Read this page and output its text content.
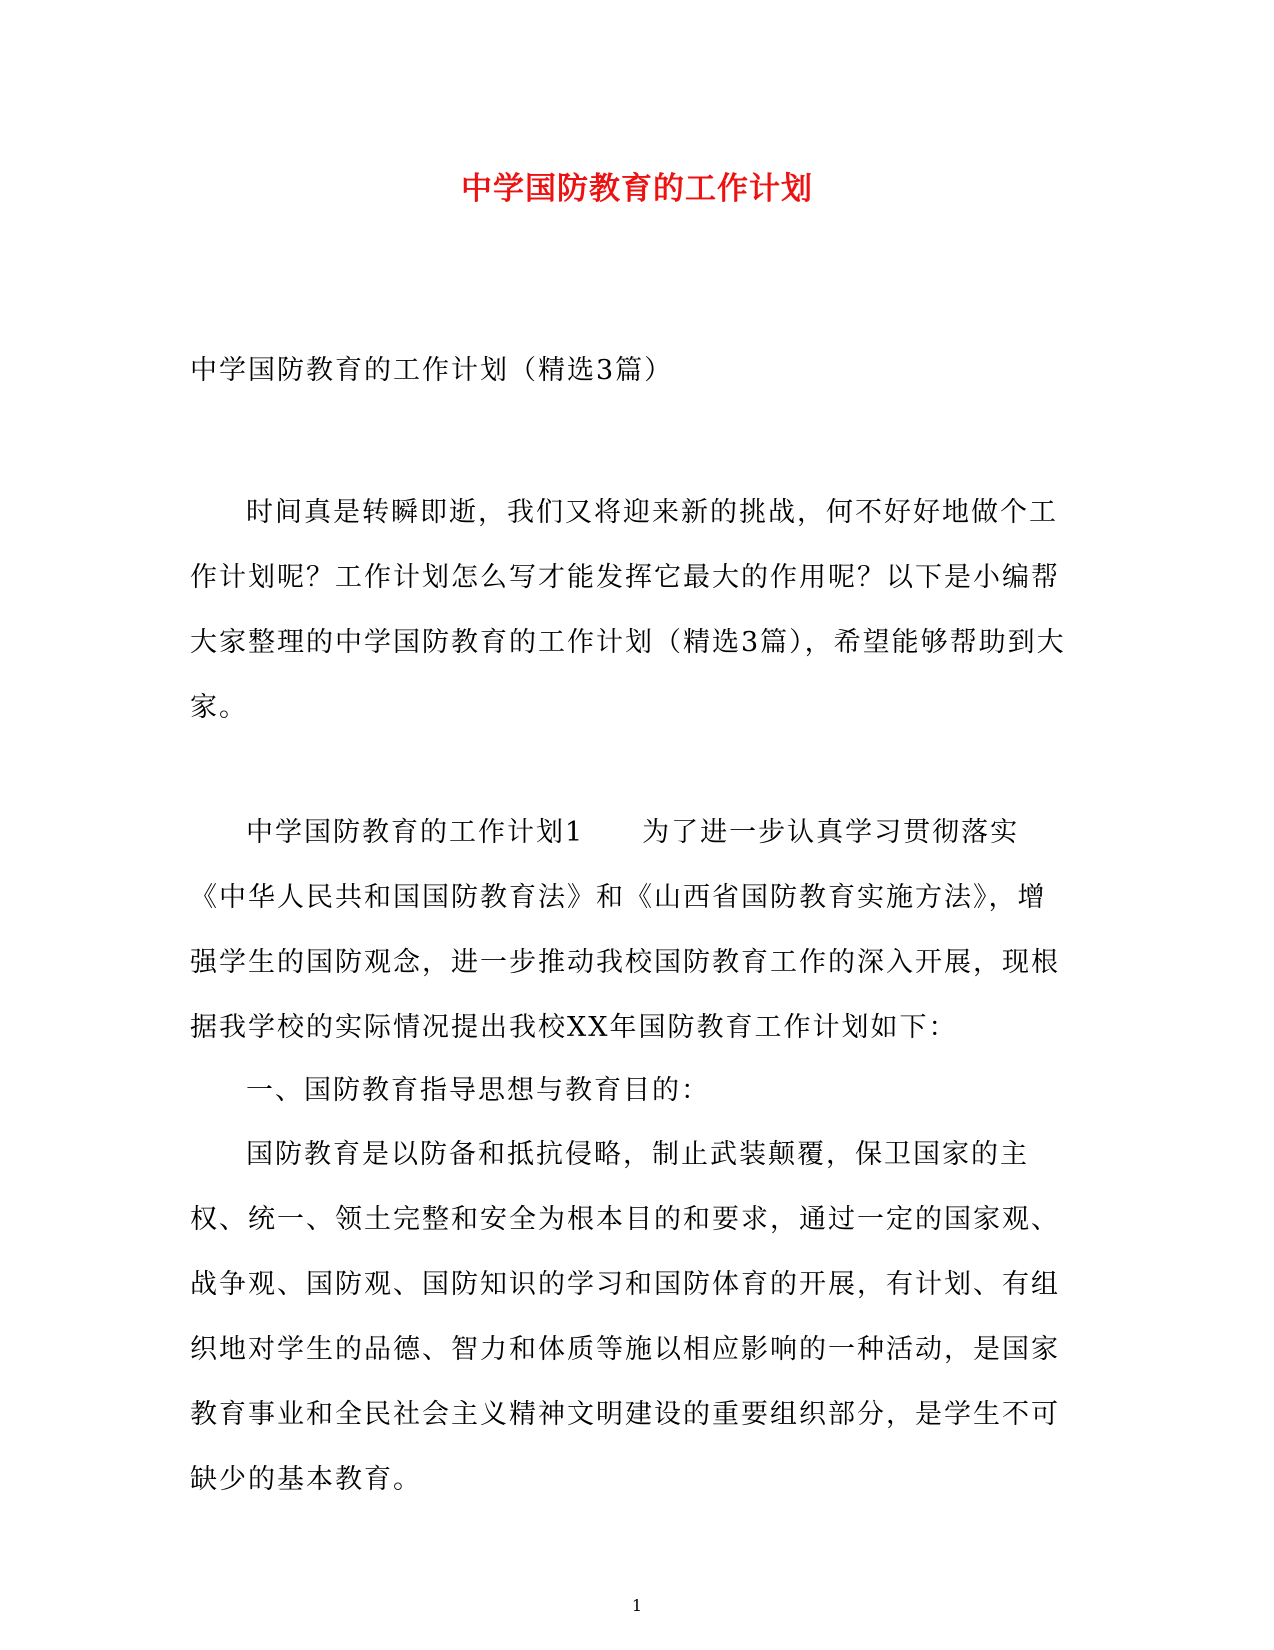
中学国防教育的工作计划

中学国防教育的工作计划（精选3篇）

时间真是转瞬即逝，我们又将迎来新的挑战，何不好好地做个工作计划呢？工作计划怎么写才能发挥它最大的作用呢？以下是小编帮大家整理的中学国防教育的工作计划（精选3篇），希望能够帮助到大家。

中学国防教育的工作计划1　　为了进一步认真学习贯彻落实《中华人民共和国国防教育法》和《山西省国防教育实施方法》，增强学生的国防观念，进一步推动我校国防教育工作的深入开展，现根据我学校的实际情况提出我校XX年国防教育工作计划如下：

一、国防教育指导思想与教育目的：

国防教育是以防备和抵抗侵略，制止武装颠覆，保卫国家的主权、统一、领土完整和安全为根本目的和要求，通过一定的国家观、战争观、国防观、国防知识的学习和国防体育的开展，有计划、有组织地对学生的品德、智力和体质等施以相应影响的一种活动，是国家教育事业和全民社会主义精神文明建设的重要组织部分，是学生不可缺少的基本教育。

1
